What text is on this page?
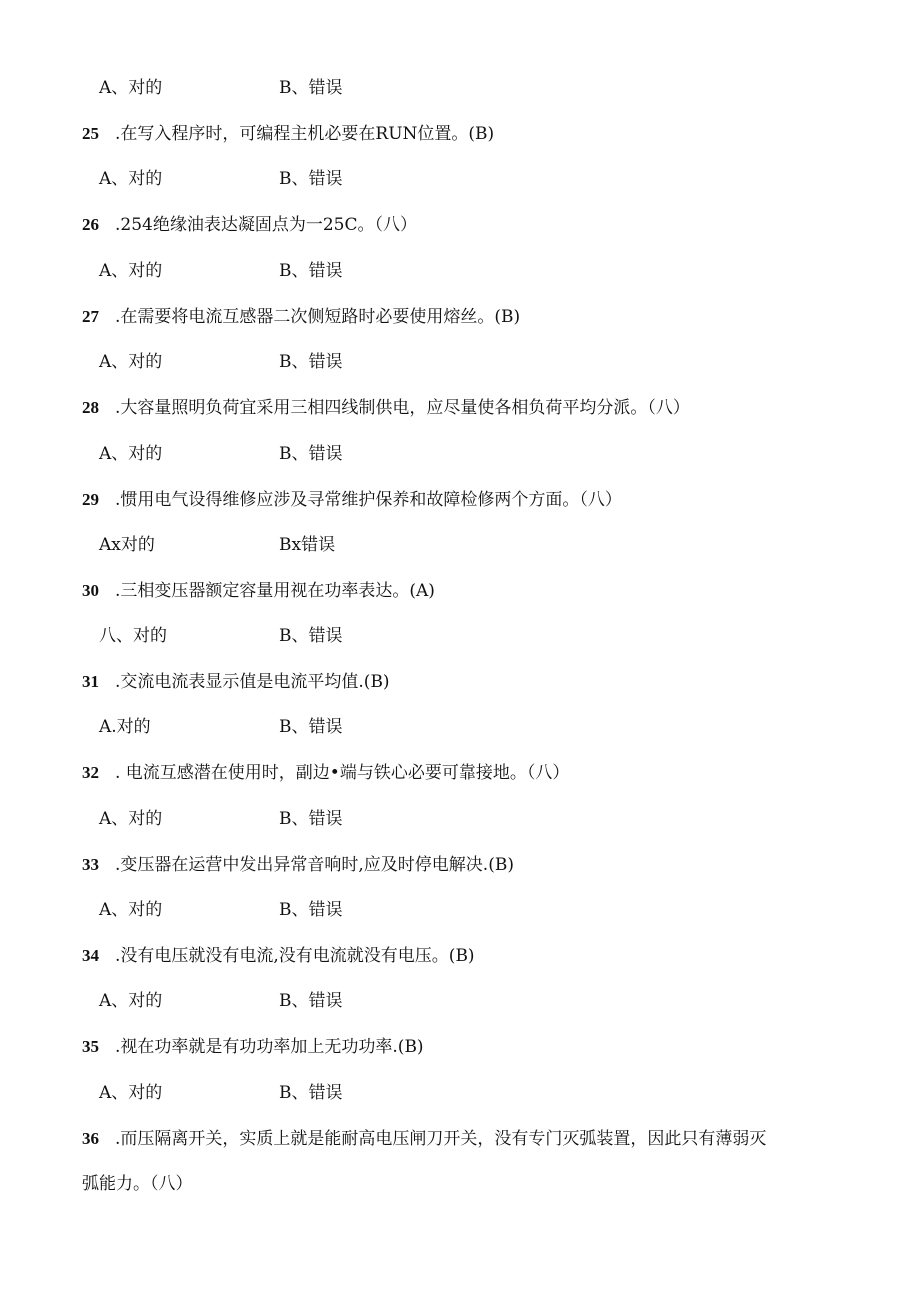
A、对的	B、错误
25 .在写入程序时，可编程主机必要在RUN位置。(B)
A、对的	B、错误
26 .254绝缘油表达凝固点为一25C。（八）
A、对的	B、错误
27 .在需要将电流互感器二次侧短路时必要使用熔丝。(B)
A、对的	B、错误
28 .大容量照明负荷宜采用三相四线制供电，应尽量使各相负荷平均分派。（八）
A、对的	B、错误
29 .惯用电气设得维修应涉及寻常维护保养和故障检修两个方面。（八）
Ax对的	Bx错误
30 .三相变压器额定容量用视在功率表达。(A)
八、对的	B、错误
31 .交流电流表显示值是电流平均值.(B)
A.对的	B、错误
32 . 电流互感潜在使用时，副边•端与铁心必要可靠接地。（八）
A、对的	B、错误
33 .变压器在运营中发出异常音响时,应及时停电解决.(B)
A、对的	B、错误
34 .没有电压就没有电流,没有电流就没有电压。(B)
A、对的	B、错误
35 .视在功率就是有功功率加上无功功率.(B)
A、对的	B、错误
36 .而压隔离开关，实质上就是能耐高电压闸刀开关，没有专门灭弧装置，因此只有薄弱灭
弧能力。（八）
